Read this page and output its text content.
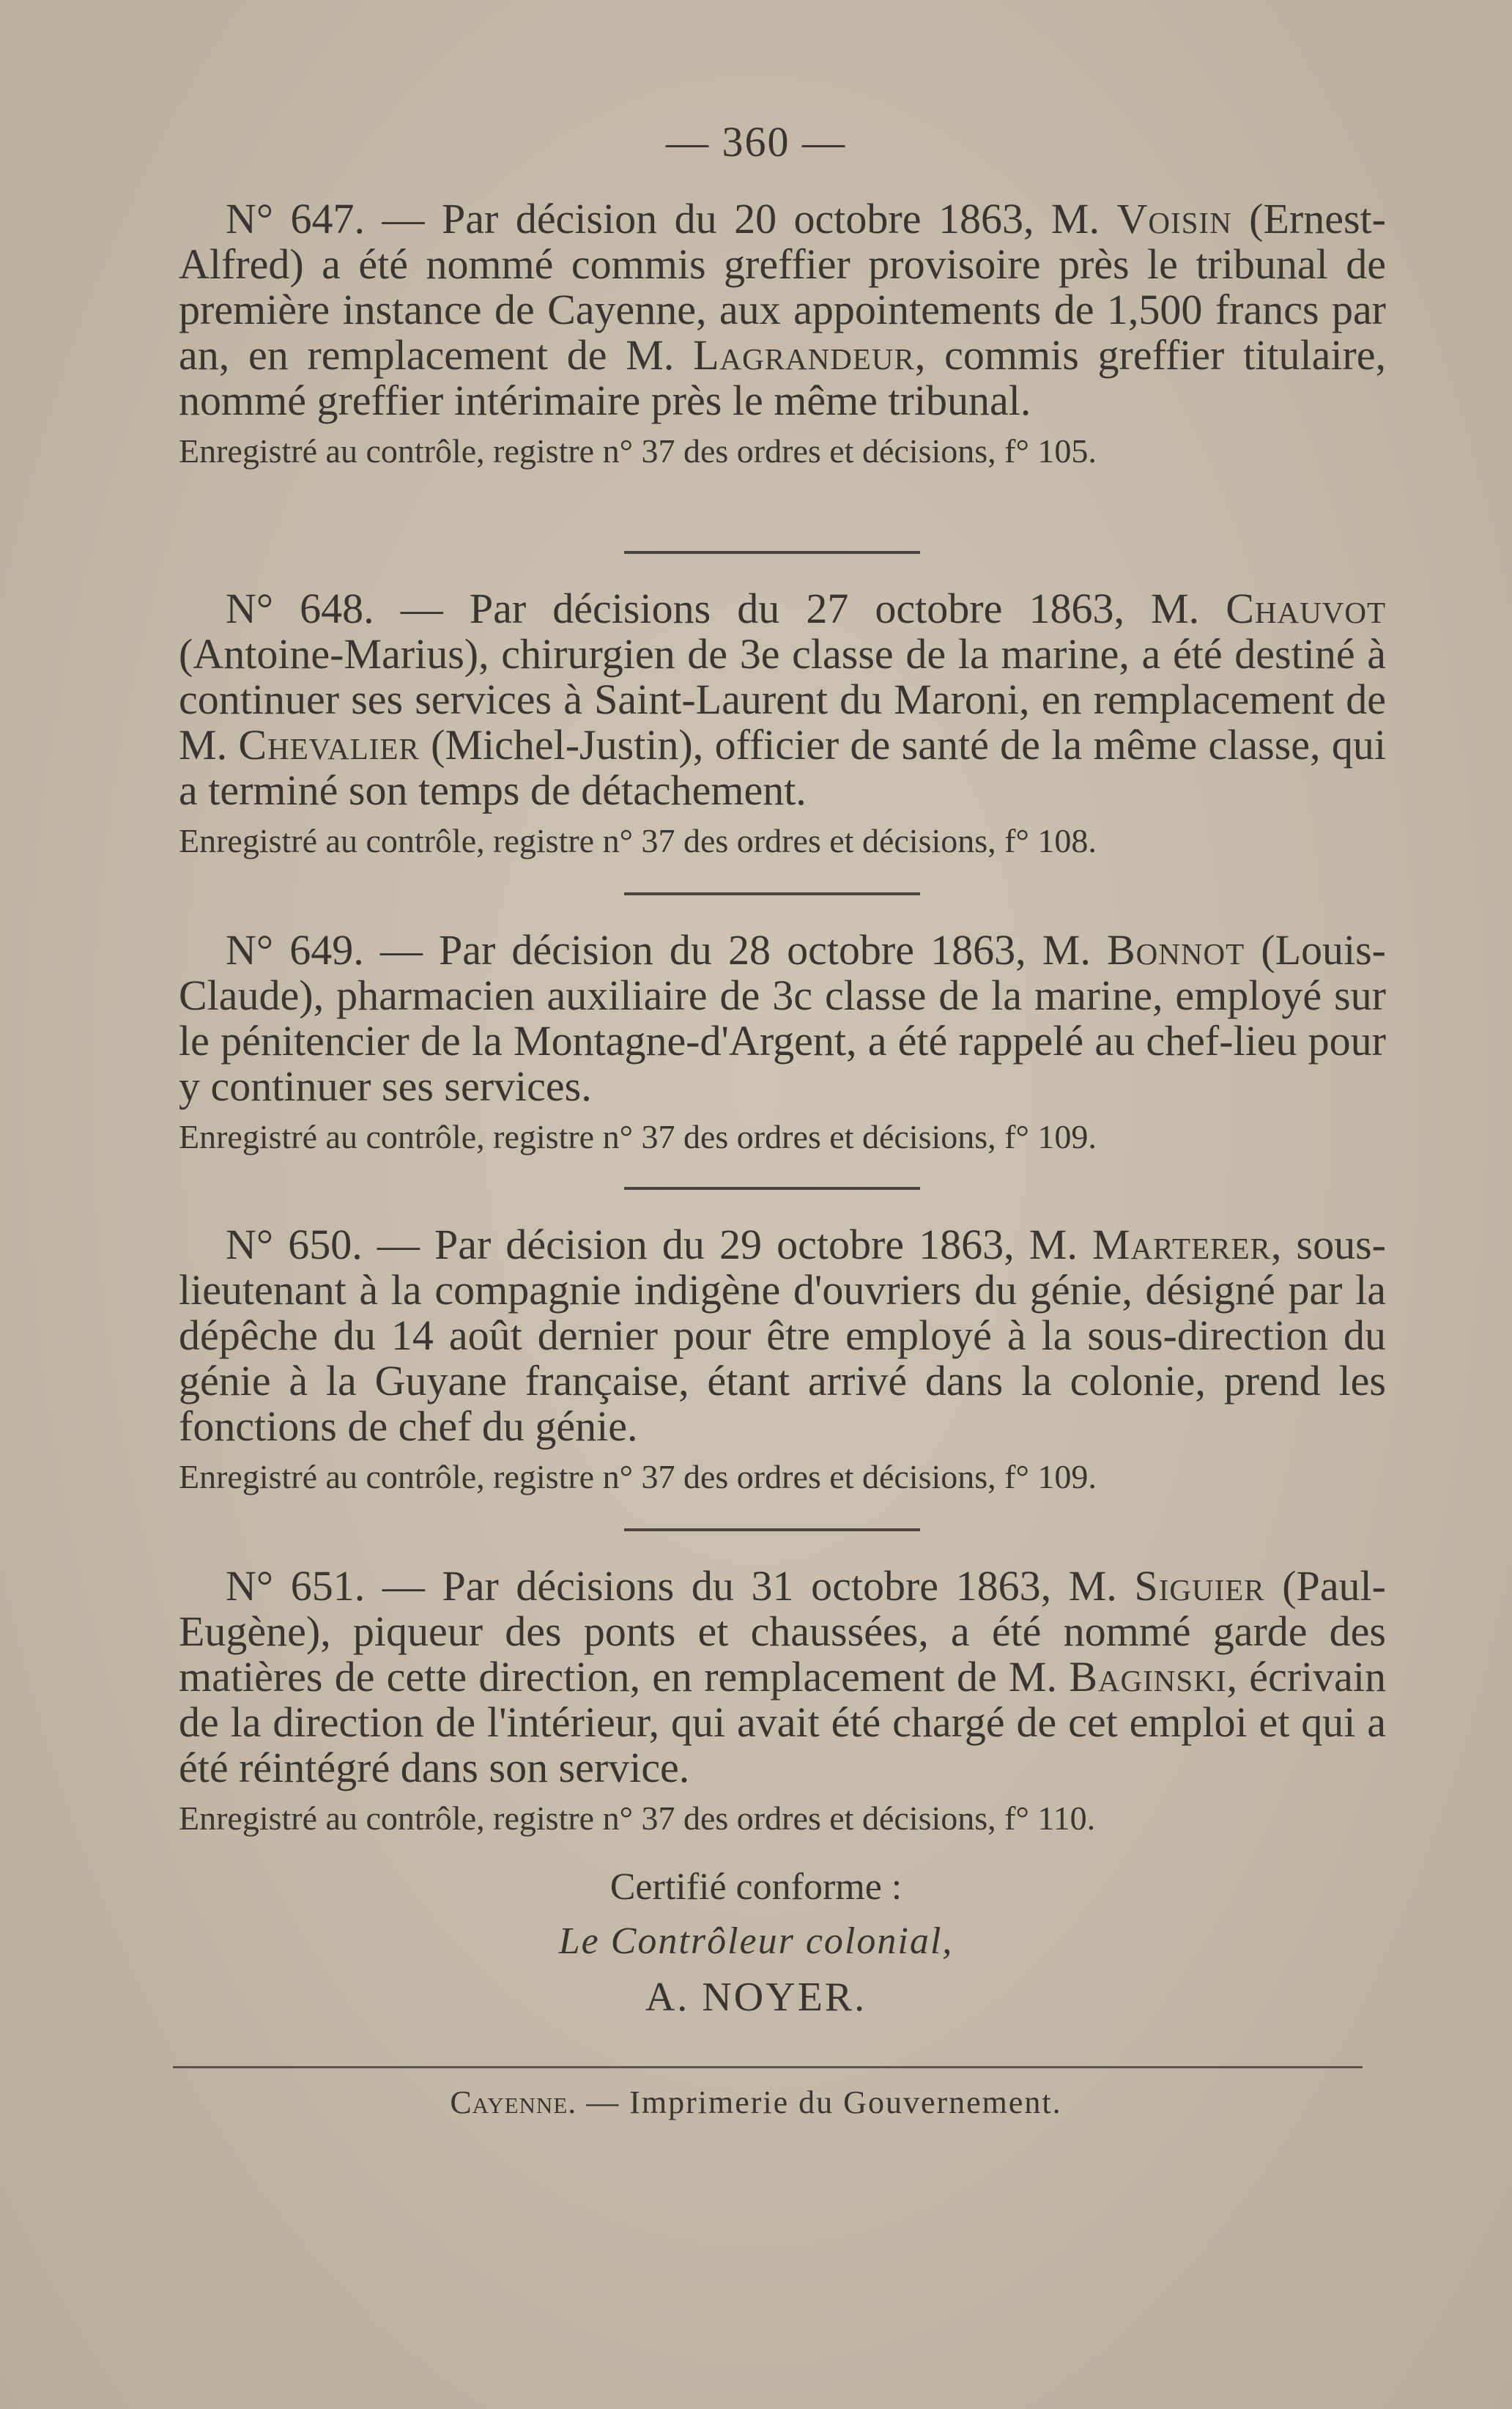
— 360 —

N° 647. — Par décision du 20 octobre 1863, M. Voisin (Ernest-Alfred) a été nommé commis greffier provisoire près le tribunal de première instance de Cayenne, aux appointements de 1,500 francs par an, en remplacement de M. Lagrandeur, commis greffier titulaire, nommé greffier intérimaire près le même tribunal.

Enregistré au contrôle, registre n° 37 des ordres et décisions, f° 105.

N° 648. — Par décisions du 27 octobre 1863, M. Chauvot (Antoine-Marius), chirurgien de 3e classe de la marine, a été destiné à continuer ses services à Saint-Laurent du Maroni, en remplacement de M. Chevalier (Michel-Justin), officier de santé de la même classe, qui a terminé son temps de détachement.

Enregistré au contrôle, registre n° 37 des ordres et décisions, f° 108.

N° 649. — Par décision du 28 octobre 1863, M. Bonnot (Louis-Claude), pharmacien auxiliaire de 3c classe de la marine, employé sur le pénitencier de la Montagne-d'Argent, a été rappelé au chef-lieu pour y continuer ses services.

Enregistré au contrôle, registre n° 37 des ordres et décisions, f° 109.

N° 650. — Par décision du 29 octobre 1863, M. Marterer, sous-lieutenant à la compagnie indigène d'ouvriers du génie, désigné par la dépêche du 14 août dernier pour être employé à la sous-direction du génie à la Guyane française, étant arrivé dans la colonie, prend les fonctions de chef du génie.

Enregistré au contrôle, registre n° 37 des ordres et décisions, f° 109.

N° 651. — Par décisions du 31 octobre 1863, M. Siguier (Paul-Eugène), piqueur des ponts et chaussées, a été nommé garde des matières de cette direction, en remplacement de M. Baginski, écrivain de la direction de l'intérieur, qui avait été chargé de cet emploi et qui a été réintégré dans son service.

Enregistré au contrôle, registre n° 37 des ordres et décisions, f° 110.
Certifié conforme :
Le Contrôleur colonial,
A. NOYER.
Cayenne. — Imprimerie du Gouvernement.
